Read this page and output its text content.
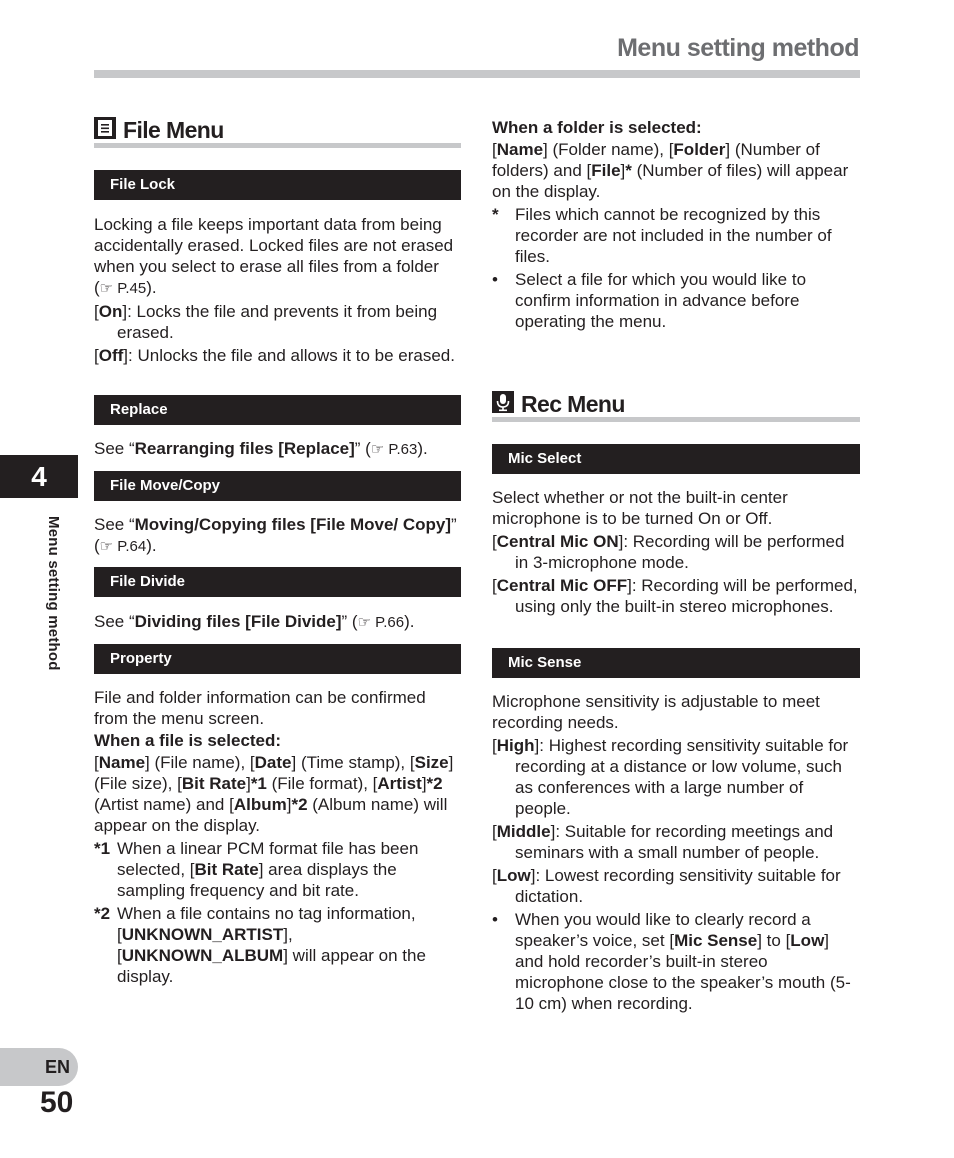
Menu setting method
4
Menu setting method
EN
50
File Menu
File Lock

Locking a file keeps important data from being accidentally erased. Locked files are not erased when you select to erase all files from a folder (☞ P.45).

[On]: Locks the file and prevents it from being erased.

[Off]: Unlocks the file and allows it to be erased.

Replace

See “Rearranging files [Replace]” (☞ P.63).

File Move/Copy

See “Moving/Copying files [File Move/ Copy]” (☞ P.64).

File Divide

See “Dividing files [File Divide]” (☞ P.66).

Property

File and folder information can be confirmed from the menu screen.

When a file is selected:

[Name] (File name), [Date] (Time stamp), [Size] (File size), [Bit Rate]*1 (File format), [Artist]*2 (Artist name) and [Album]*2 (Album name) will appear on the display.

*1 When a linear PCM format file has been selected, [Bit Rate] area displays the sampling frequency and bit rate.

*2 When a file contains no tag information, [UNKNOWN_ARTIST], [UNKNOWN_ALBUM] will appear on the display.

When a folder is selected:

[Name] (Folder name), [Folder] (Number of folders) and [File]* (Number of files) will appear on the display.

* Files which cannot be recognized by this recorder are not included in the number of files.

• Select a file for which you would like to confirm information in advance before operating the menu.

Rec Menu
Mic Select

Select whether or not the built-in center microphone is to be turned On or Off.

[Central Mic ON]: Recording will be performed in 3-microphone mode.

[Central Mic OFF]: Recording will be performed, using only the built-in stereo microphones.

Mic Sense

Microphone sensitivity is adjustable to meet recording needs.

[High]: Highest recording sensitivity suitable for recording at a distance or low volume, such as conferences with a large number of people.

[Middle]: Suitable for recording meetings and seminars with a small number of people.

[Low]: Lowest recording sensitivity suitable for dictation.

• When you would like to clearly record a speaker’s voice, set [Mic Sense] to [Low] and hold recorder’s built-in stereo microphone close to the speaker’s mouth (5-10 cm) when recording.
